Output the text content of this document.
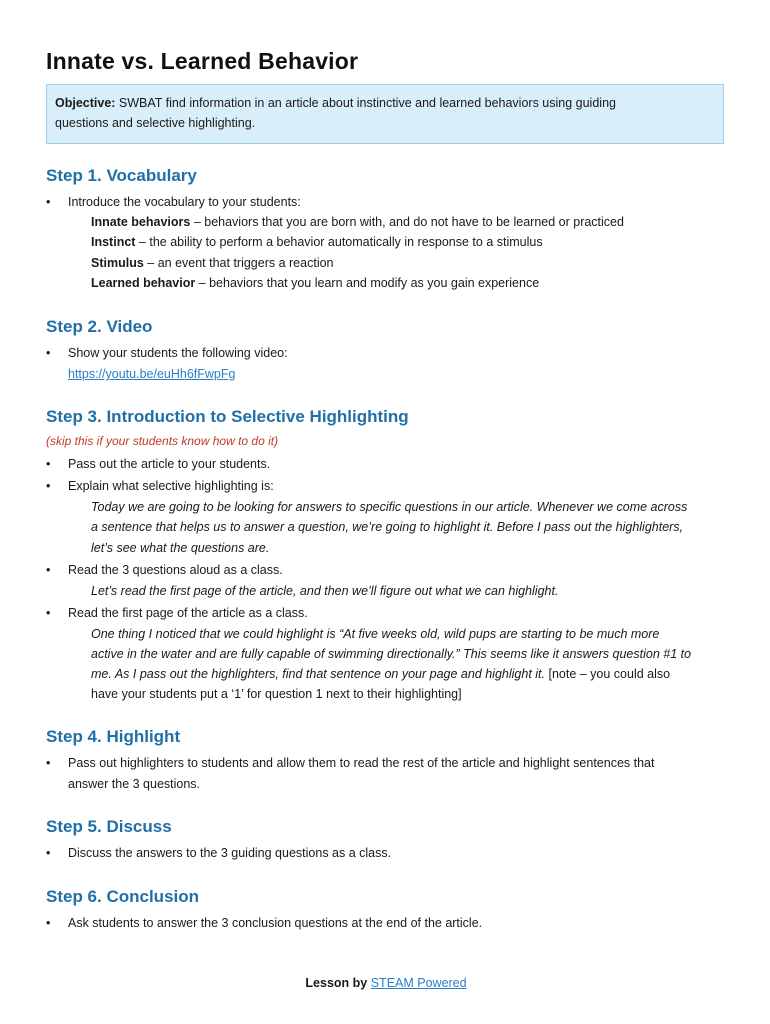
Innate vs. Learned Behavior
Objective: SWBAT find information in an article about instinctive and learned behaviors using guiding
questions and selective highlighting.
Step 1. Vocabulary
• Introduce the vocabulary to your students:
Innate behaviors – behaviors that you are born with, and do not have to be learned or practiced
Instinct – the ability to perform a behavior automatically in response to a stimulus
Stimulus – an event that triggers a reaction
Learned behavior – behaviors that you learn and modify as you gain experience
Step 2. Video
• Show your students the following video:
https://youtu.be/euHh6fFwpFg
Step 3. Introduction to Selective Highlighting
(skip this if your students know how to do it)
• Pass out the article to your students.
• Explain what selective highlighting is:
Today we are going to be looking for answers to specific questions in our article. Whenever we come across
a sentence that helps us to answer a question, we’re going to highlight it. Before I pass out the highlighters,
let’s see what the questions are.
• Read the 3 questions aloud as a class.
Let’s read the first page of the article, and then we’ll figure out what we can highlight.
• Read the first page of the article as a class.
One thing I noticed that we could highlight is “At five weeks old, wild pups are starting to be much more
active in the water and are fully capable of swimming directionally.” This seems like it answers question #1 to
me. As I pass out the highlighters, find that sentence on your page and highlight it. [note – you could also
have your students put a ‘1’ for question 1 next to their highlighting]
Step 4. Highlight
• Pass out highlighters to students and allow them to read the rest of the article and highlight sentences that
answer the 3 questions.
Step 5. Discuss
• Discuss the answers to the 3 guiding questions as a class.
Step 6. Conclusion
• Ask students to answer the 3 conclusion questions at the end of the article.
Lesson by STEAM Powered
